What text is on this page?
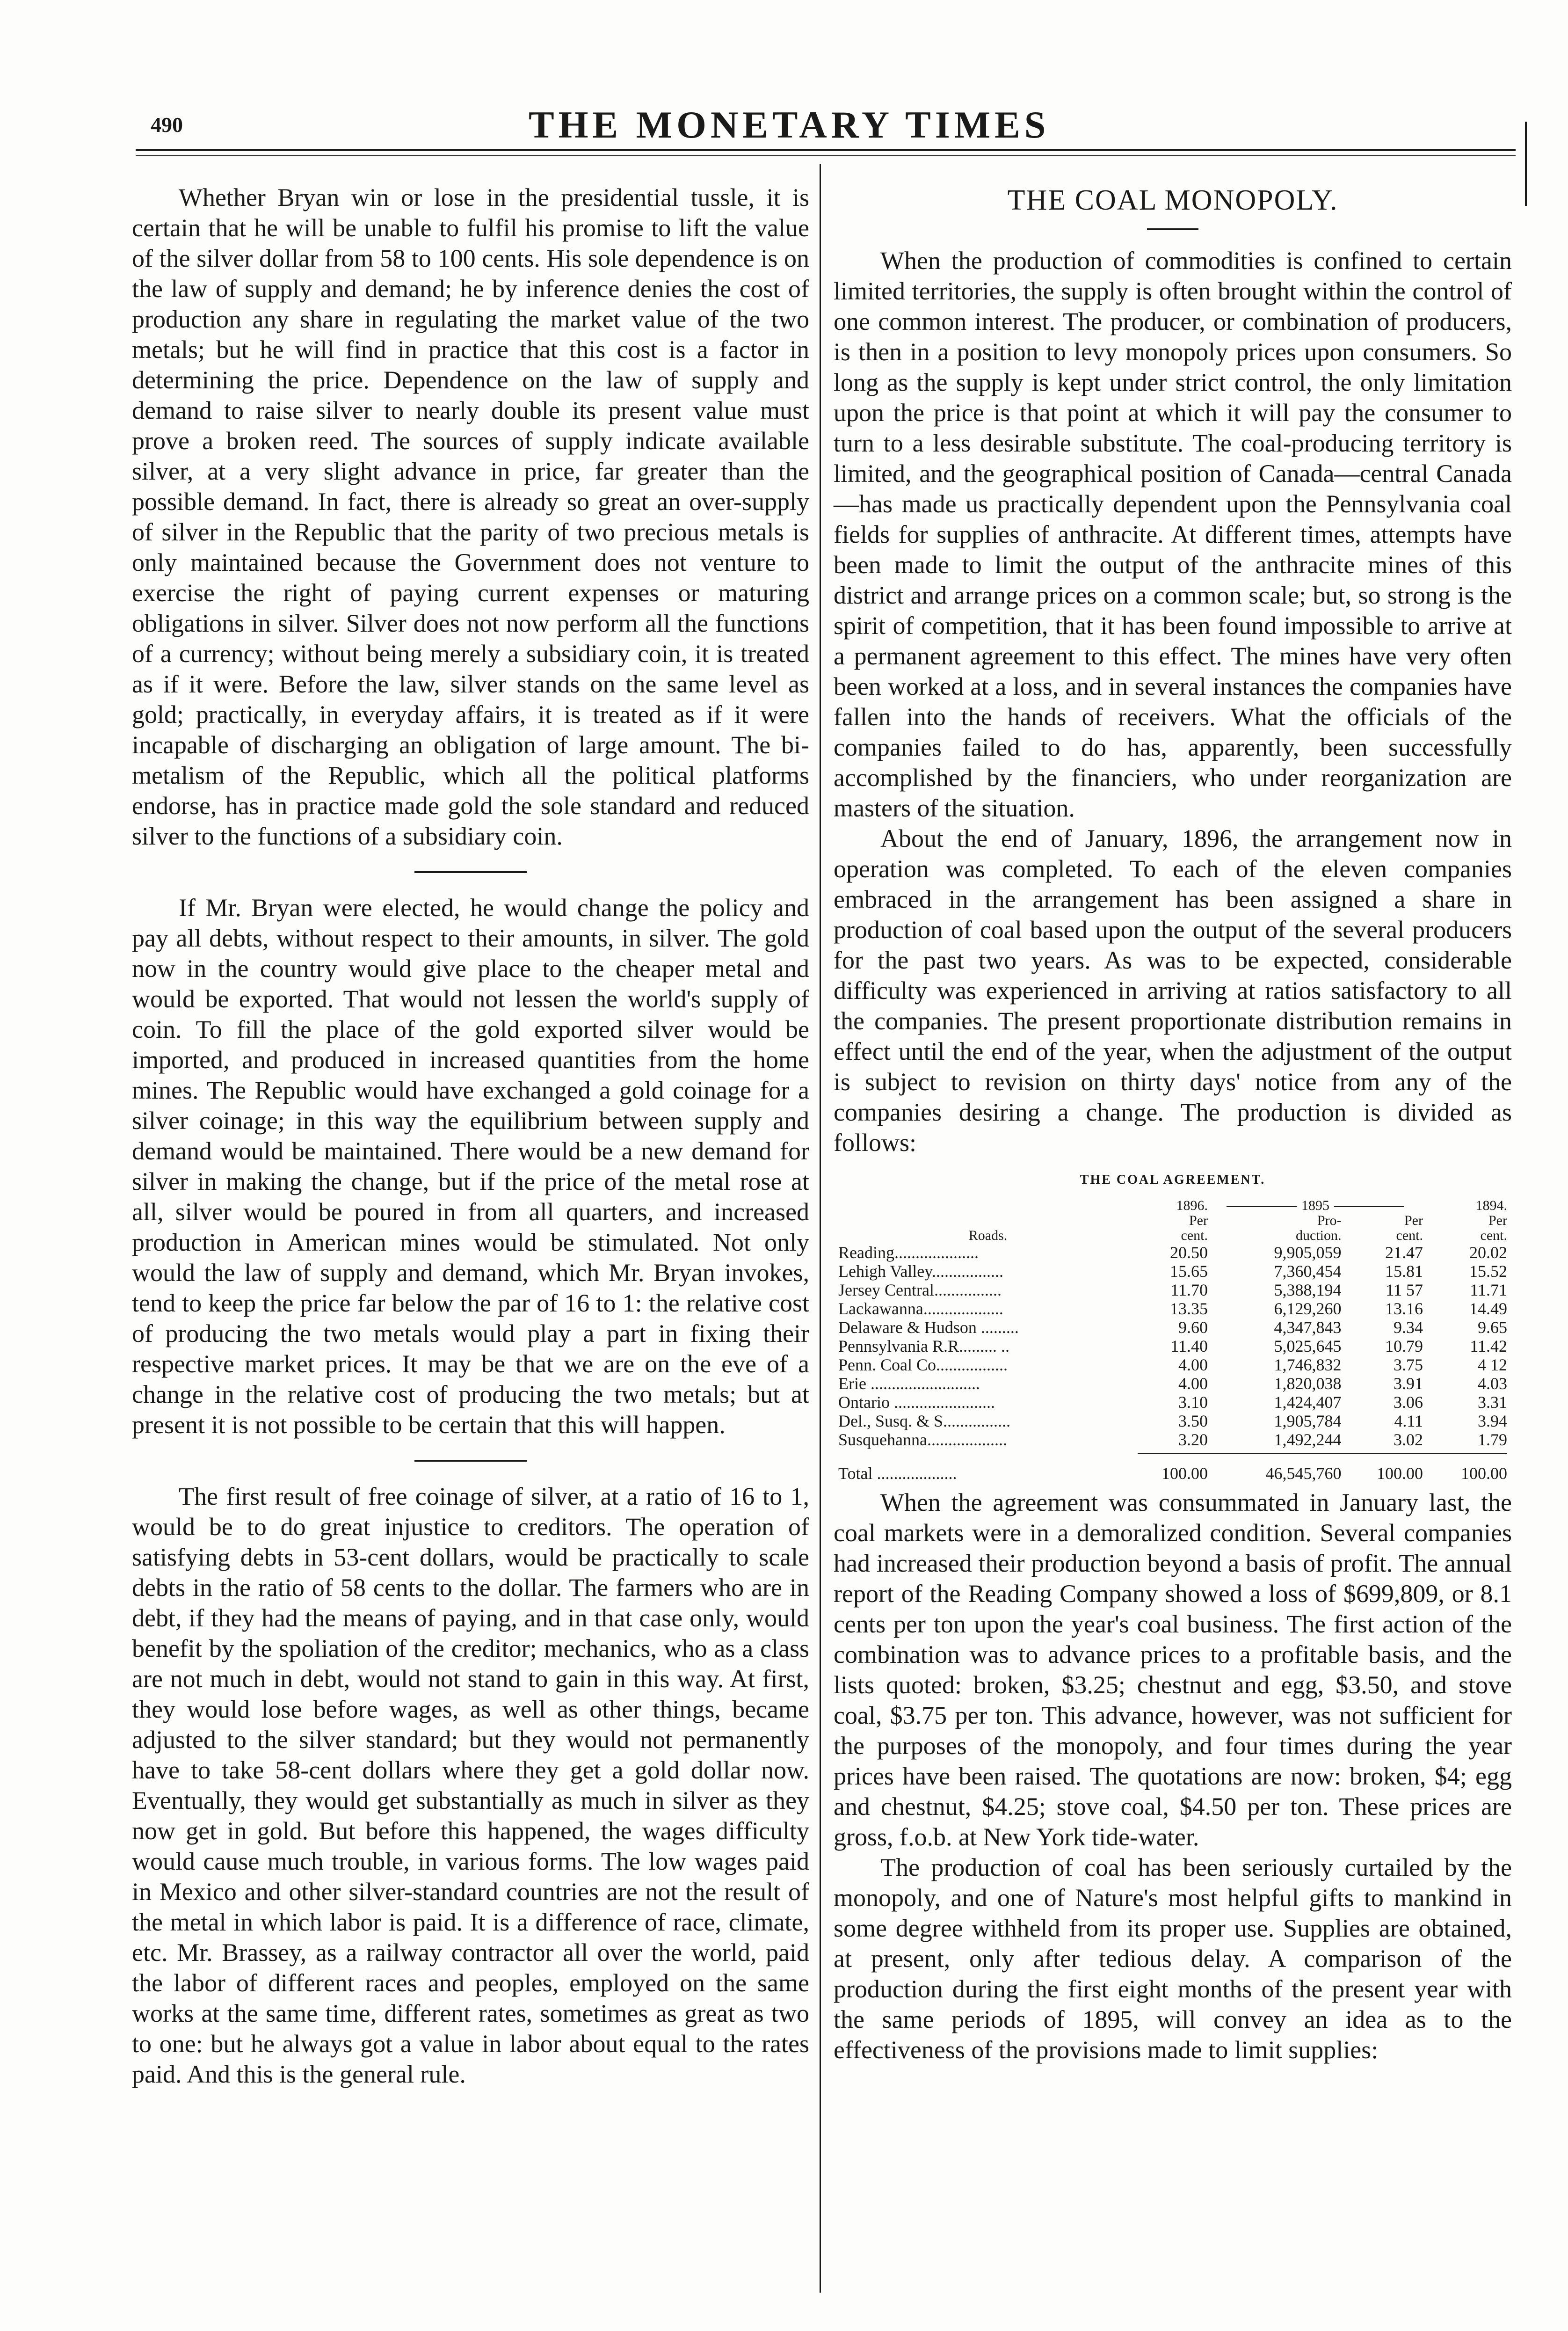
490	THE MONETARY TIMES

Whether Bryan win or lose in the presidential tussle, it is certain that he will be unable to fulfil his promise to lift the value of the silver dollar from 58 to 100 cents. His sole dependence is on the law of supply and demand; he by inference denies the cost of production any share in regulating the market value of the two metals; but he will find in practice that this cost is a factor in determining the price. Dependence on the law of supply and demand to raise silver to nearly double its present value must prove a broken reed. The sources of supply indicate available silver, at a very slight advance in price, far greater than the possible demand. In fact, there is already so great an over-supply of silver in the Republic that the parity of two precious metals is only maintained because the Government does not venture to exercise the right of paying current expenses or maturing obligations in silver. Silver does not now perform all the functions of a currency; without being merely a subsidiary coin, it is treated as if it were. Before the law, silver stands on the same level as gold; practically, in everyday affairs, it is treated as if it were incapable of discharging an obligation of large amount. The bi-metalism of the Republic, which all the political platforms endorse, has in practice made gold the sole standard and reduced silver to the functions of a subsidiary coin.

If Mr. Bryan were elected, he would change the policy and pay all debts, without respect to their amounts, in silver. The gold now in the country would give place to the cheaper metal and would be exported. That would not lessen the world's supply of coin. To fill the place of the gold exported silver would be imported, and produced in increased quantities from the home mines. The Republic would have exchanged a gold coinage for a silver coinage; in this way the equilibrium between supply and demand would be maintained. There would be a new demand for silver in making the change, but if the price of the metal rose at all, silver would be poured in from all quarters, and increased production in American mines would be stimulated. Not only would the law of supply and demand, which Mr. Bryan invokes, tend to keep the price far below the par of 16 to 1: the relative cost of producing the two metals would play a part in fixing their respective market prices. It may be that we are on the eve of a change in the relative cost of producing the two metals; but at present it is not possible to be certain that this will happen.

The first result of free coinage of silver, at a ratio of 16 to 1, would be to do great injustice to creditors. The operation of satisfying debts in 53-cent dollars, would be practically to scale debts in the ratio of 58 cents to the dollar. The farmers who are in debt, if they had the means of paying, and in that case only, would benefit by the spoliation of the creditor; mechanics, who as a class are not much in debt, would not stand to gain in this way. At first, they would lose before wages, as well as other things, became adjusted to the silver standard; but they would not permanently have to take 58-cent dollars where they get a gold dollar now. Eventually, they would get substantially as much in silver as they now get in gold. But before this happened, the wages difficulty would cause much trouble, in various forms. The low wages paid in Mexico and other silver-standard countries are not the result of the metal in which labor is paid. It is a difference of race, climate, etc. Mr. Brassey, as a railway contractor all over the world, paid the labor of different races and peoples, employed on the same works at the same time, different rates, sometimes as great as two to one: but he always got a value in labor about equal to the rates paid. And this is the general rule.

THE COAL MONOPOLY.

When the production of commodities is confined to certain limited territories, the supply is often brought within the control of one common interest. The producer, or combination of producers, is then in a position to levy monopoly prices upon consumers. So long as the supply is kept under strict control, the only limitation upon the price is that point at which it will pay the consumer to turn to a less desirable substitute. The coal-producing territory is limited, and the geographical position of Canada—central Canada—has made us practically dependent upon the Pennsylvania coal fields for supplies of anthracite. At different times, attempts have been made to limit the output of the anthracite mines of this district and arrange prices on a common scale; but, so strong is the spirit of competition, that it has been found impossible to arrive at a permanent agreement to this effect. The mines have very often been worked at a loss, and in several instances the companies have fallen into the hands of receivers. What the officials of the companies failed to do has, apparently, been successfully accomplished by the financiers, who under reorganization are masters of the situation.

About the end of January, 1896, the arrangement now in operation was completed. To each of the eleven companies embraced in the arrangement has been assigned a share in production of coal based upon the output of the several producers for the past two years. As was to be expected, considerable difficulty was experienced in arriving at ratios satisfactory to all the companies. The present proportionate distribution remains in effect until the end of the year, when the adjustment of the output is subject to revision on thirty days' notice from any of the companies desiring a change. The production is divided as follows:

THE COAL AGREEMENT.
	1896.	1895		1894.
	Per	Pro-	Per	Per
Roads.	cent.	duction.	cent.	cent.
Reading....................	20.50	9,905,059	21.47	20.02
Lehigh Valley.................	15.65	7,360,454	15.81	15.52
Jersey Central................	11.70	5,388,194	11 57	11.71
Lackawanna...................	13.35	6,129,260	13.16	14.49
Delaware & Hudson .........	9.60	4,347,843	9.34	9.65
Pennsylvania R.R......... ..	11.40	5,025,645	10.79	11.42
Penn. Coal Co.................	4.00	1,746,832	3.75	4 12
Erie ..........................	4.00	1,820,038	3.91	4.03
Ontario ........................	3.10	1,424,407	3.06	3.31
Del., Susq. & S................	3.50	1,905,784	4.11	3.94
Susquehanna...................	3.20	1,492,244	3.02	1.79

Total ...................	100.00	46,545,760	100.00	100.00

When the agreement was consummated in January last, the coal markets were in a demoralized condition. Several companies had increased their production beyond a basis of profit. The annual report of the Reading Company showed a loss of $699,809, or 8.1 cents per ton upon the year's coal business. The first action of the combination was to advance prices to a profitable basis, and the lists quoted: broken, $3.25; chestnut and egg, $3.50, and stove coal, $3.75 per ton. This advance, however, was not sufficient for the purposes of the monopoly, and four times during the year prices have been raised. The quotations are now: broken, $4; egg and chestnut, $4.25; stove coal, $4.50 per ton. These prices are gross, f.o.b. at New York tide-water.

The production of coal has been seriously curtailed by the monopoly, and one of Nature's most helpful gifts to mankind in some degree withheld from its proper use. Supplies are obtained, at present, only after tedious delay. A comparison of the production during the first eight months of the present year with the same periods of 1895, will convey an idea as to the effectiveness of the provisions made to limit supplies:
